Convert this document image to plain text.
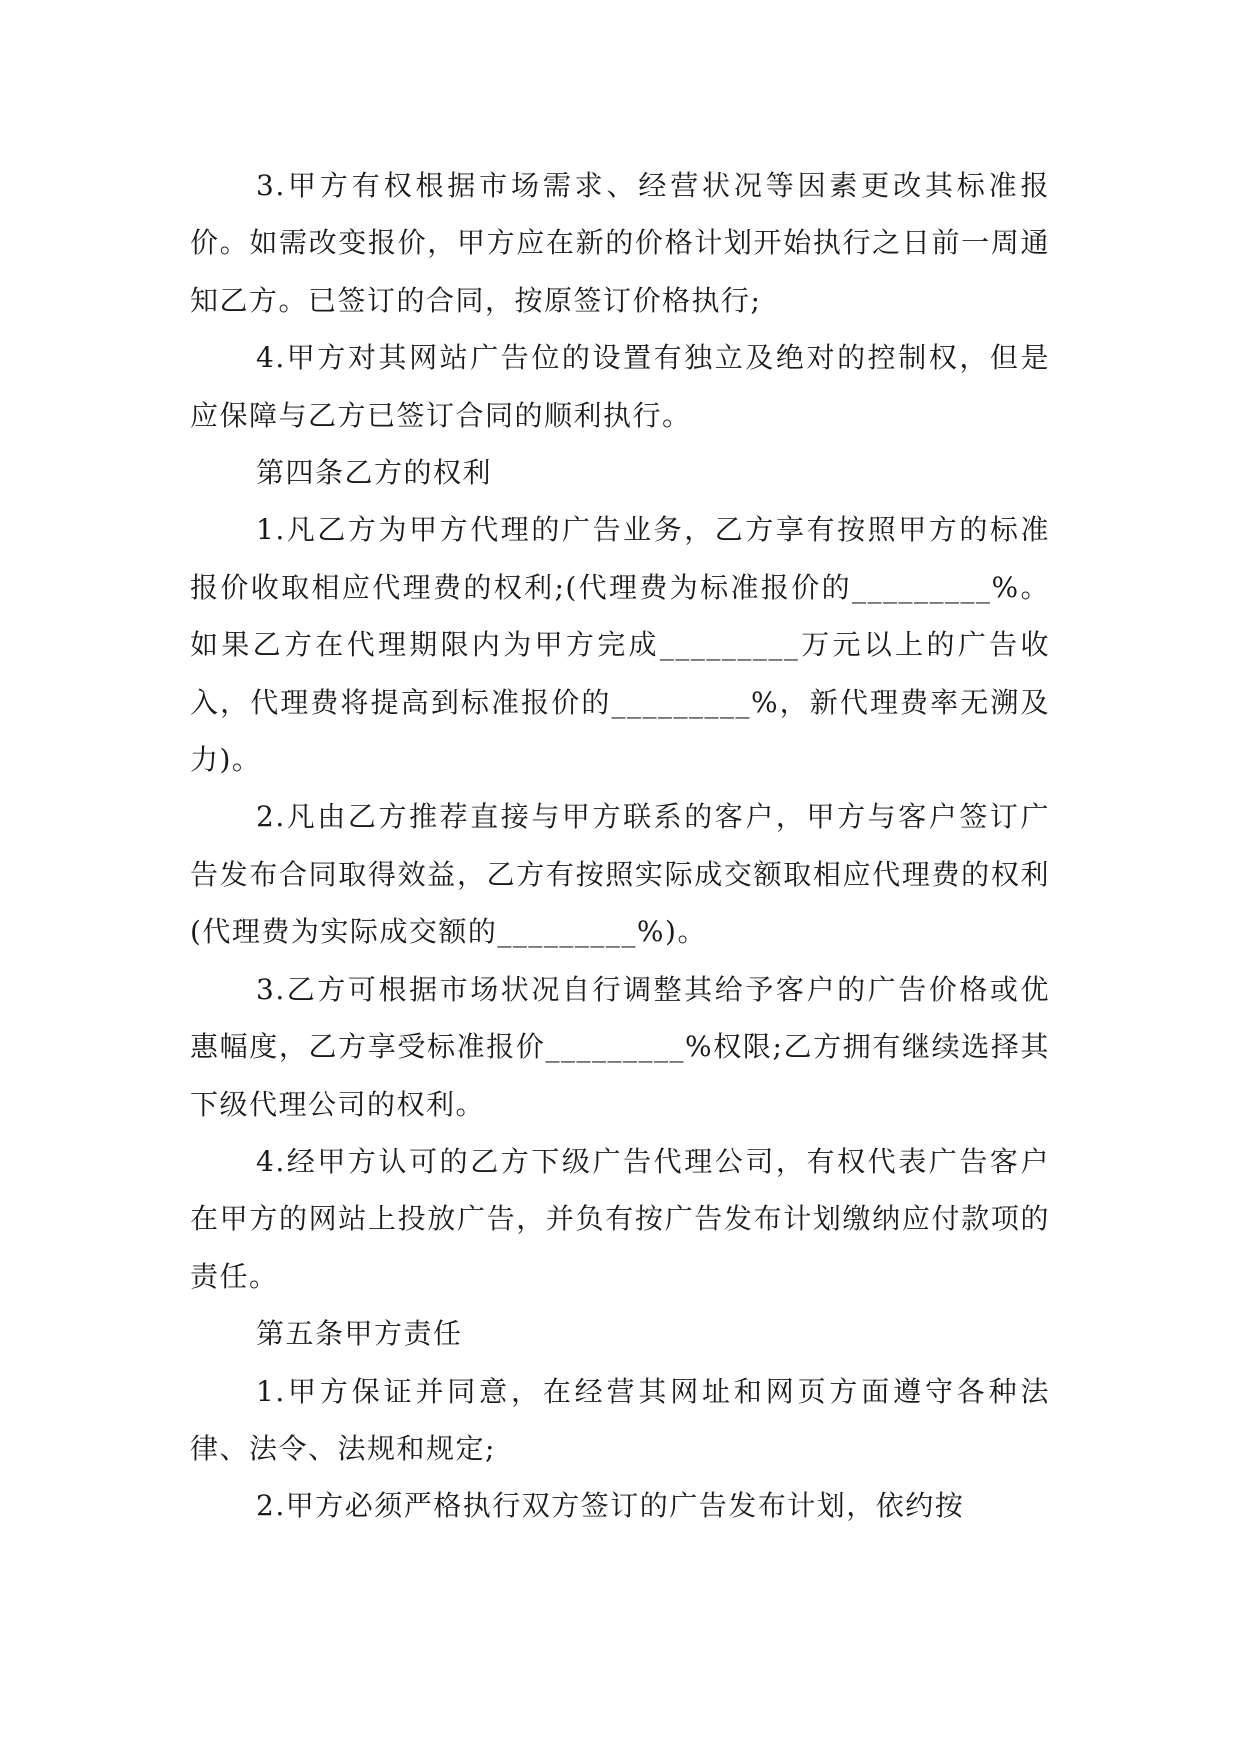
3.甲方有权根据市场需求、经营状况等因素更改其标准报价。如需改变报价，甲方应在新的价格计划开始执行之日前一周通知乙方。已签订的合同，按原签订价格执行;

4.甲方对其网站广告位的设置有独立及绝对的控制权，但是应保障与乙方已签订合同的顺利执行。

第四条乙方的权利

1.凡乙方为甲方代理的广告业务，乙方享有按照甲方的标准报价收取相应代理费的权利;(代理费为标准报价的_________%。如果乙方在代理期限内为甲方完成_________万元以上的广告收入，代理费将提高到标准报价的_________%，新代理费率无溯及力)。

2.凡由乙方推荐直接与甲方联系的客户，甲方与客户签订广告发布合同取得效益，乙方有按照实际成交额取相应代理费的权利(代理费为实际成交额的_________%)。

3.乙方可根据市场状况自行调整其给予客户的广告价格或优惠幅度，乙方享受标准报价_________%权限;乙方拥有继续选择其下级代理公司的权利。

4.经甲方认可的乙方下级广告代理公司，有权代表广告客户在甲方的网站上投放广告，并负有按广告发布计划缴纳应付款项的责任。

第五条甲方责任

1.甲方保证并同意，在经营其网址和网页方面遵守各种法律、法令、法规和规定;

2.甲方必须严格执行双方签订的广告发布计划，依约按
